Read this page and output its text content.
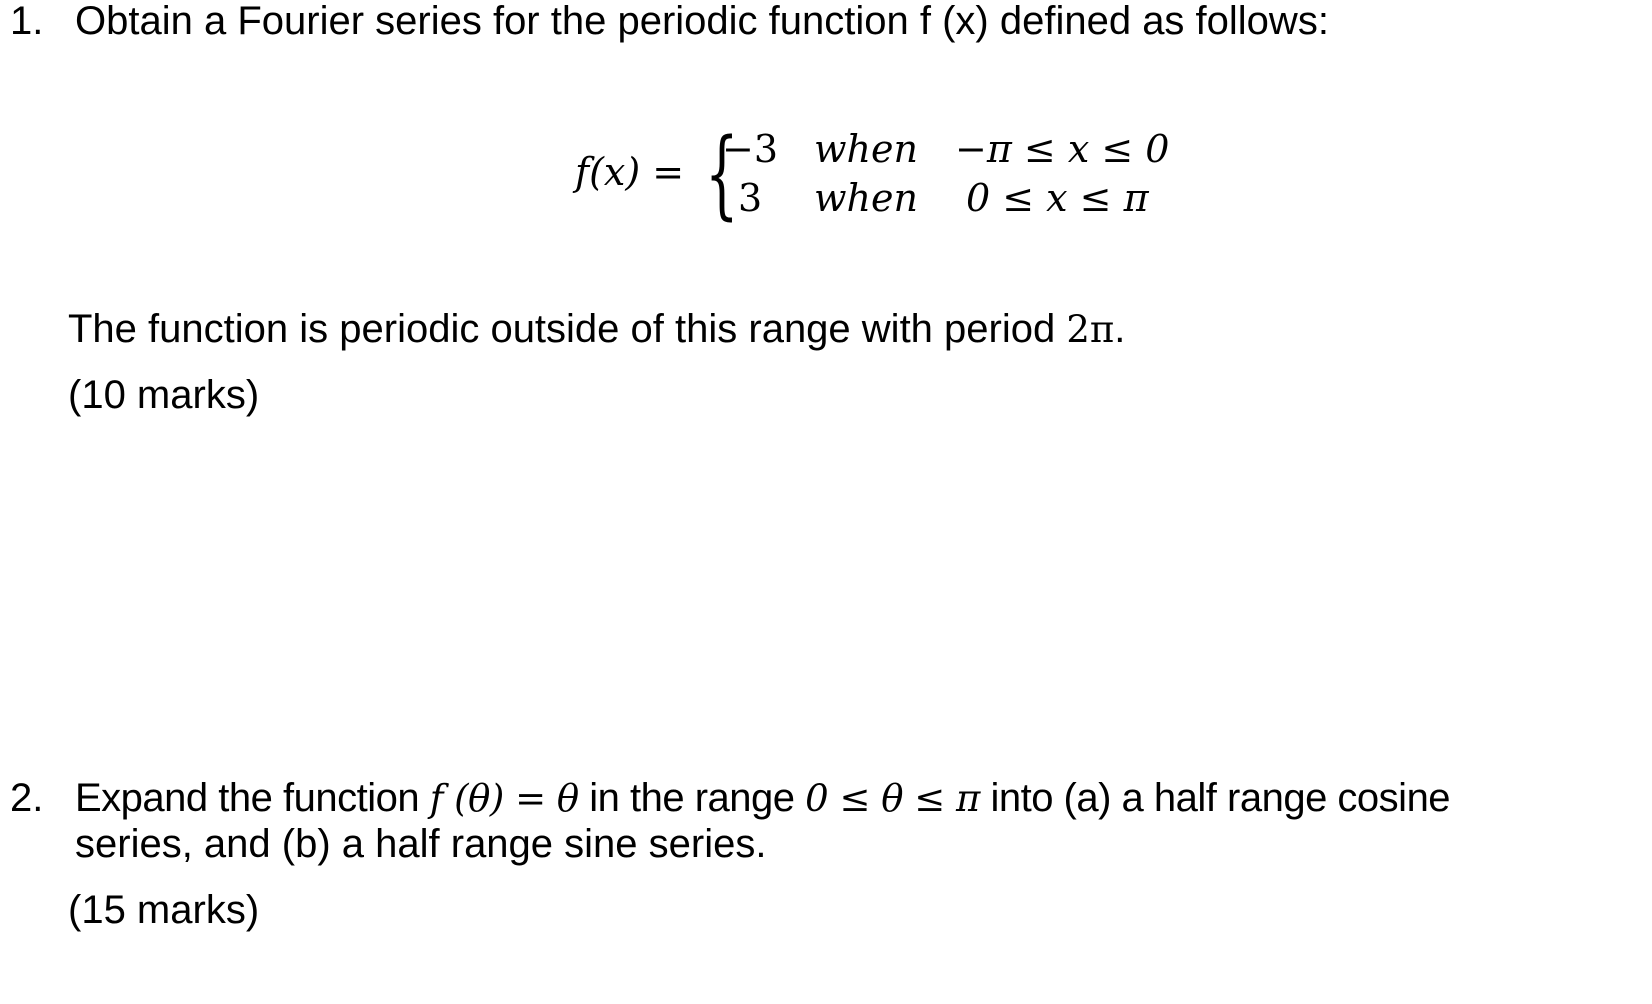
1. Obtain a Fourier series for the periodic function f (x) defined as follows:
f(x) = {
−3 when −π ≤ x ≤ 0
3 when 0 ≤ x ≤ π
The function is periodic outside of this range with period 2π.
(10 marks)
2. Expand the function f (θ) = θ in the range 0 ≤ θ ≤ π into (a) a half range cosine
series, and (b) a half range sine series.
(15 marks)
